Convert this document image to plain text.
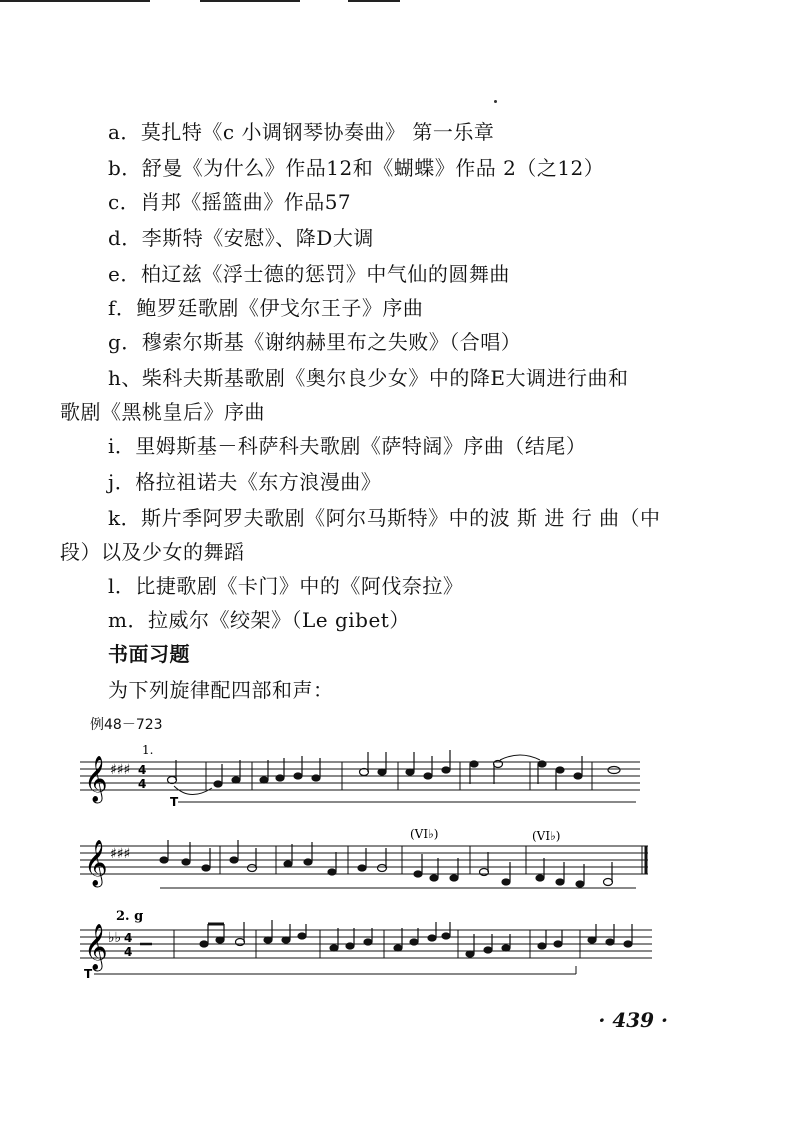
a．莫扎特《c 小调钢琴协奏曲》 第一乐章
b．舒曼《为什么》作品12和《蝴蝶》作品 2（之12）
c．肖邦《摇篮曲》作品57
d．李斯特《安慰》、降D大调
e．柏辽兹《浮士德的惩罚》中气仙的圆舞曲
f．鲍罗廷歌剧《伊戈尔王子》序曲
g．穆索尔斯基《谢纳赫里布之失败》（合唱）
h、柴科夫斯基歌剧《奥尔良少女》中的降E大调进行曲和
歌剧《黑桃皇后》序曲
i．里姆斯基－科萨科夫歌剧《萨特阔》序曲（结尾）
j．格拉祖诺夫《东方浪漫曲》
k．斯片季阿罗夫歌剧《阿尔马斯特》中的波 斯 进 行 曲（中
段）以及少女的舞蹈
l．比捷歌剧《卡门》中的《阿伐奈拉》
m．拉威尔《绞架》（Le gibet）
书面习题
为下列旋律配四部和声：
例48－723
1.
𝄞 ♯♯♯ 4
4
T
(VI♭)	(VI♭)
𝄞 ♯♯♯
2. g
𝄞 ♭♭ 4
4
T
· 439 ·
